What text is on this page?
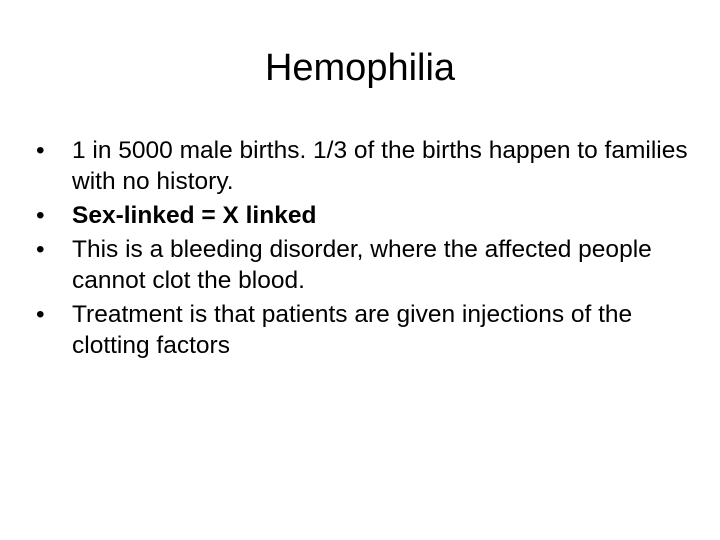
Hemophilia
•	1 in 5000 male births. 1/3 of the births happen to families with no history.
•	Sex-linked = X linked
•	This is a bleeding disorder, where the affected people cannot clot the blood.
•	Treatment is that patients are given injections of the clotting factors
